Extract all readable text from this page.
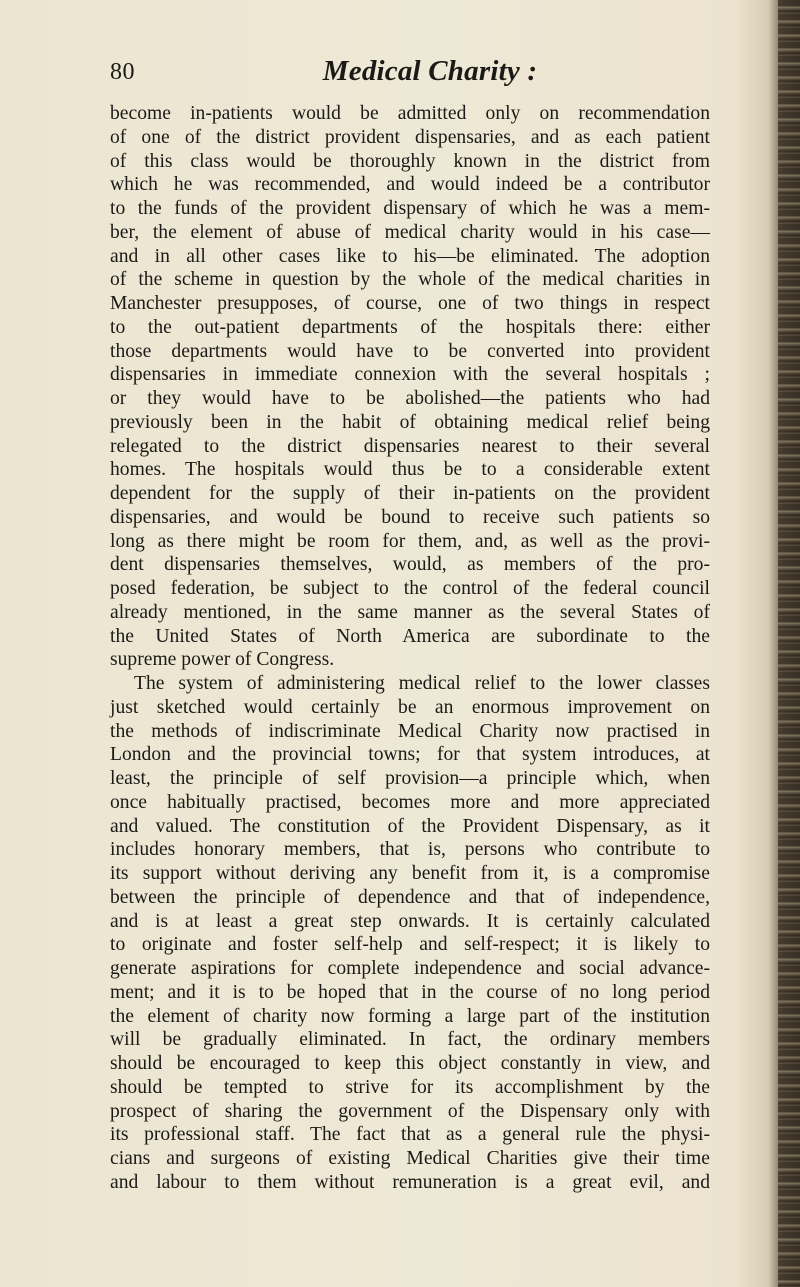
80	Medical Charity :
become in-patients would be admitted only on recommendation
of one of the district provident dispensaries, and as each patient
of this class would be thoroughly known in the district from
which he was recommended, and would indeed be a contributor
to the funds of the provident dispensary of which he was a mem-
ber, the element of abuse of medical charity would in his case—
and in all other cases like to his—be eliminated. The adoption
of the scheme in question by the whole of the medical charities in
Manchester presupposes, of course, one of two things in respect
to the out-patient departments of the hospitals there: either
those departments would have to be converted into provident
dispensaries in immediate connexion with the several hospitals ;
or they would have to be abolished—the patients who had
previously been in the habit of obtaining medical relief being
relegated to the district dispensaries nearest to their several
homes. The hospitals would thus be to a considerable extent
dependent for the supply of their in-patients on the provident
dispensaries, and would be bound to receive such patients so
long as there might be room for them, and, as well as the provi-
dent dispensaries themselves, would, as members of the pro-
posed federation, be subject to the control of the federal council
already mentioned, in the same manner as the several States of
the United States of North America are subordinate to the
supreme power of Congress.
The system of administering medical relief to the lower classes
just sketched would certainly be an enormous improvement on
the methods of indiscriminate Medical Charity now practised in
London and the provincial towns; for that system introduces, at
least, the principle of self provision—a principle which, when
once habitually practised, becomes more and more appreciated
and valued. The constitution of the Provident Dispensary, as it
includes honorary members, that is, persons who contribute to
its support without deriving any benefit from it, is a compromise
between the principle of dependence and that of independence,
and is at least a great step onwards. It is certainly calculated
to originate and foster self-help and self-respect; it is likely to
generate aspirations for complete independence and social advance-
ment; and it is to be hoped that in the course of no long period
the element of charity now forming a large part of the institution
will be gradually eliminated. In fact, the ordinary members
should be encouraged to keep this object constantly in view, and
should be tempted to strive for its accomplishment by the
prospect of sharing the government of the Dispensary only with
its professional staff. The fact that as a general rule the physi-
cians and surgeons of existing Medical Charities give their time
and labour to them without remuneration is a great evil, and
